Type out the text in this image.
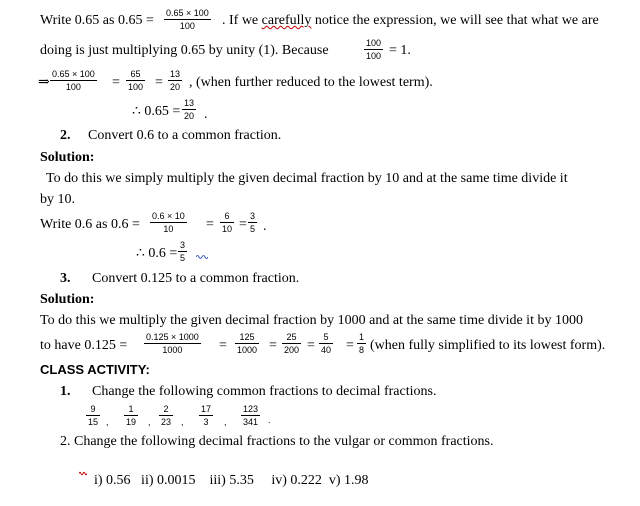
Write 0.65 as $0.65 = \frac{0.65 \times 100}{100}$ . If we carefully notice the expression, we will see that what we are
doing is just multiplying 0.65 by unity (1). Because	$\frac{100}{100} = 1$.
⇒ $\frac{0.65 \times 100}{100} = \frac{65}{100} = \frac{13}{20}$ , (when further reduced to the lowest term).
∴ $0.65 = \frac{13}{20}$ .
2. Convert 0.6 to a common fraction.
Solution:
To do this we simply multiply the given decimal fraction by 10 and at the same time divide it
by 10.
Write 0.6 as $0.6 = \frac{0.6 \times 10}{10} = \frac{6}{10} = \frac{3}{5}$ .
∴ $0.6 = \frac{3}{5}$
3. Convert 0.125 to a common fraction.
Solution:
To do this we multiply the given decimal fraction by 1000 and at the same time divide it by 1000
to have $0.125 = \frac{0.125 \times 1000}{1000} = \frac{125}{1000} = \frac{25}{200} = \frac{5}{40} = \frac{1}{8}$ (when fully simplified to its lowest form).
CLASS ACTIVITY:
1. Change the following common fractions to decimal fractions.
$\frac{9}{15}$ , $\frac{1}{19}$ , $\frac{2}{23}$ , $\frac{17}{3}$ , $\frac{123}{341}$ .
2. Change the following decimal fractions to the vulgar or common fractions.

i) 0.56   ii) 0.0015    iii) 5.35     iv) 0.222  v) 1.98
